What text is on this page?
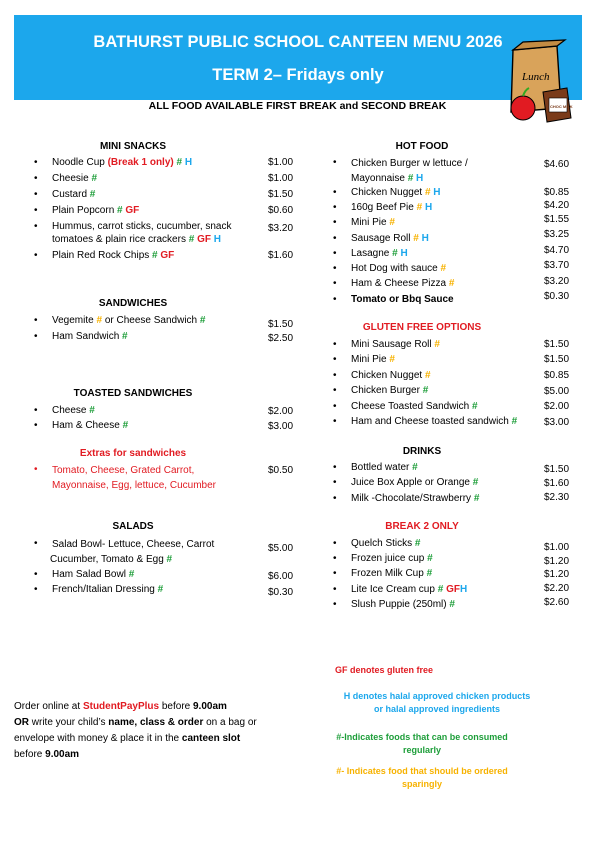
BATHURST PUBLIC SCHOOL CANTEEN MENU 2026
TERM 2– Fridays only	Lunch
CHOC MILK
ALL FOOD AVAILABLE FIRST BREAK and SECOND BREAK
MINI SNACKS
• Noodle Cup (Break 1 only) # H	$1.00
• Cheesie #	$1.00
• Custard #	$1.50
• Plain Popcorn # GF	$0.60
• Hummus, carrot sticks, cucumber, snack
tomatoes & plain rice crackers # GF H
$3.20
• Plain Red Rock Chips # GF	$1.60
SANDWICHES
• Vegemite # or Cheese Sandwich #	$1.50
• Ham Sandwich #	$2.50
TOASTED SANDWICHES
• Cheese #	$2.00
• Ham & Cheese #	$3.00
Extras for sandwiches
• Tomato, Cheese, Grated Carrot,
Mayonnaise, Egg, lettuce, Cucumber
$0.50
SALADS
• Salad Bowl- Lettuce, Cheese, Carrot
Cucumber, Tomato & Egg #
$5.00
• Ham Salad Bowl #	$6.00
• French/Italian Dressing #	$0.30
HOT FOOD
• Chicken Burger w lettuce /
Mayonnaise # H
$4.60
• Chicken Nugget # H	$0.85
• 160g Beef Pie # H	$4.20
• Mini Pie #	$1.55
• Sausage Roll # H	$3.25
• Lasagne # H	$4.70
• Hot Dog with sauce #	$3.70
• Ham & Cheese Pizza #	$3.20
• Tomato or Bbq Sauce	$0.30
GLUTEN FREE OPTIONS
• Mini Sausage Roll #	$1.50
• Mini Pie #	$1.50
• Chicken Nugget #	$0.85
• Chicken Burger #	$5.00
• Cheese Toasted Sandwich #	$2.00
• Ham and Cheese toasted sandwich #	$3.00
DRINKS
• Bottled water #	$1.50
• Juice Box Apple or Orange #	$1.60
• Milk -Chocolate/Strawberry #	$2.30
BREAK 2 ONLY
• Quelch Sticks #	$1.00
• Frozen juice cup #	$1.20
• Frozen Milk Cup #	$1.20
• Lite Ice Cream cup # GFH	$2.20
• Slush Puppie (250ml) #	$2.60
Order online at StudentPayPlus before 9.00am
OR write your child’s name, class & order on a bag or envelope with money & place it in the canteen slot before 9.00am
GF denotes gluten free
H denotes halal approved chicken products
or halal approved ingredients
#-Indicates foods that can be consumed
regularly
#- Indicates food that should be ordered
sparingly
